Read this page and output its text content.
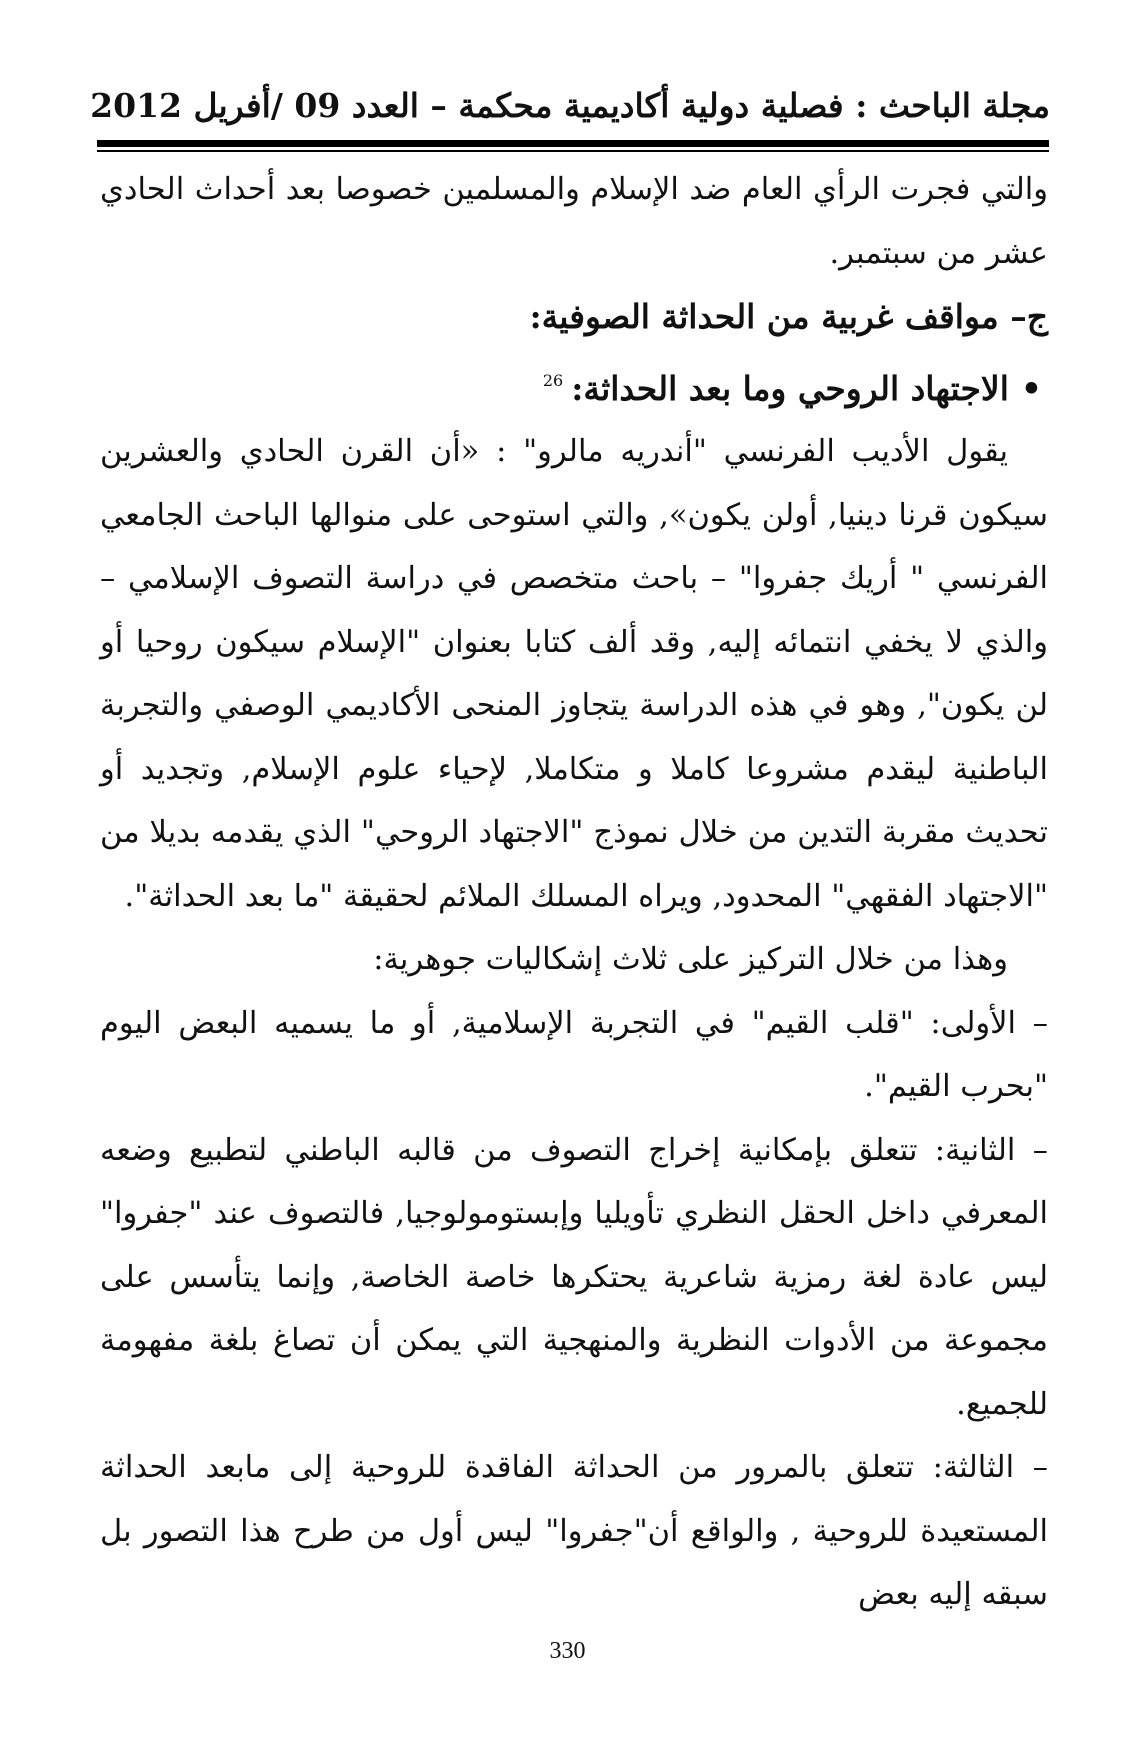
مجلة الباحث : فصلية دولية أكاديمية محكمة – العدد 09 /أفريل 2012

والتي فجرت الرأي العام ضد الإسلام والمسلمين خصوصا بعد أحداث الحادي عشر من سبتمبر.

ج– مواقف غربية من الحداثة الصوفية:

•الاجتهاد الروحي وما بعد الحداثة:$^{26}$

يقول الأديب الفرنسي "أندريه مالرو" : «أن القرن الحادي والعشرين سيكون قرنا دينيا, أولن يكون», والتي استوحى على منوالها الباحث الجامعي الفرنسي " أريك جفروا" – باحث متخصص في دراسة التصوف الإسلامي – والذي لا يخفي انتمائه إليه, وقد ألف كتابا بعنوان "الإسلام سيكون روحيا أو لن يكون", وهو في هذه الدراسة يتجاوز المنحى الأكاديمي الوصفي والتجربة الباطنية ليقدم مشروعا كاملا و متكاملا, لإحياء علوم الإسلام, وتجديد أو تحديث مقربة التدين من خلال نموذج "الاجتهاد الروحي" الذي يقدمه بديلا من "الاجتهاد الفقهي" المحدود, ويراه المسلك الملائم لحقيقة "ما بعد الحداثة".

وهذا من خلال التركيز على ثلاث إشكاليات جوهرية:

– الأولى: "قلب القيم" في التجربة الإسلامية, أو ما يسميه البعض اليوم "بحرب القيم".

– الثانية: تتعلق بإمكانية إخراج التصوف من قالبه الباطني لتطبيع وضعه المعرفي داخل الحقل النظري تأويليا وإبستومولوجيا, فالتصوف عند "جفروا" ليس عادة لغة رمزية شاعرية يحتكرها خاصة الخاصة, وإنما يتأسس على مجموعة من الأدوات النظرية والمنهجية التي يمكن أن تصاغ بلغة مفهومة للجميع.

– الثالثة: تتعلق بالمرور من الحداثة الفاقدة للروحية إلى مابعد الحداثة المستعيدة للروحية , والواقع أن"جفروا" ليس أول من طرح هذا التصور بل سبقه إليه بعض

330
